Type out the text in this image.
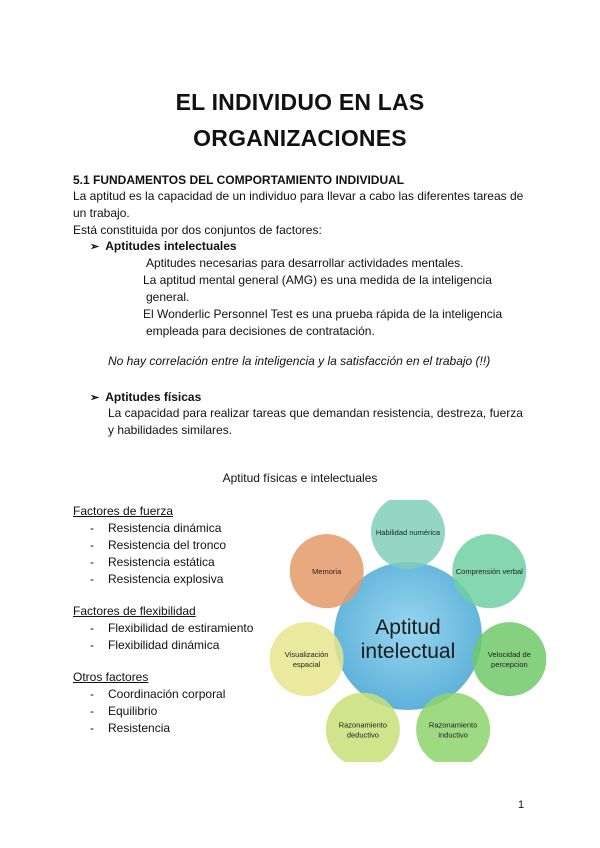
EL INDIVIDUO EN LAS
ORGANIZACIONES
5.1 FUNDAMENTOS DEL COMPORTAMIENTO INDIVIDUAL
La aptitud es la capacidad de un individuo para llevar a cabo las diferentes tareas de
un trabajo.
Está constituida por dos conjuntos de factores:
➢ Aptitudes intelectuales
Aptitudes necesarias para desarrollar actividades mentales.
La aptitud mental general (AMG) es una medida de la inteligencia
general.
El Wonderlic Personnel Test es una prueba rápida de la inteligencia
empleada para decisiones de contratación.
No hay correlación entre la inteligencia y la satisfacción en el trabajo (!!)
➢ Aptitudes físicas
La capacidad para realizar tareas que demandan resistencia, destreza, fuerza
y habilidades similares.
Aptitud físicas e intelectuales
Factores de fuerza
- Resistencia dinámica
- Resistencia del tronco
- Resistencia estática
- Resistencia explosiva
Factores de flexibilidad
- Flexibilidad de estiramiento
- Flexibilidad dinámica
Otros factores
- Coordinación corporal
- Equilibrio
- Resistencia
Habilidad numérica
Comprensión verbal
Velocidad de
percepcion
Razonamiento
inductivo
Razonamiento
deductivo
Visualización
espacial
Memoria
Aptitud
intelectual
1
